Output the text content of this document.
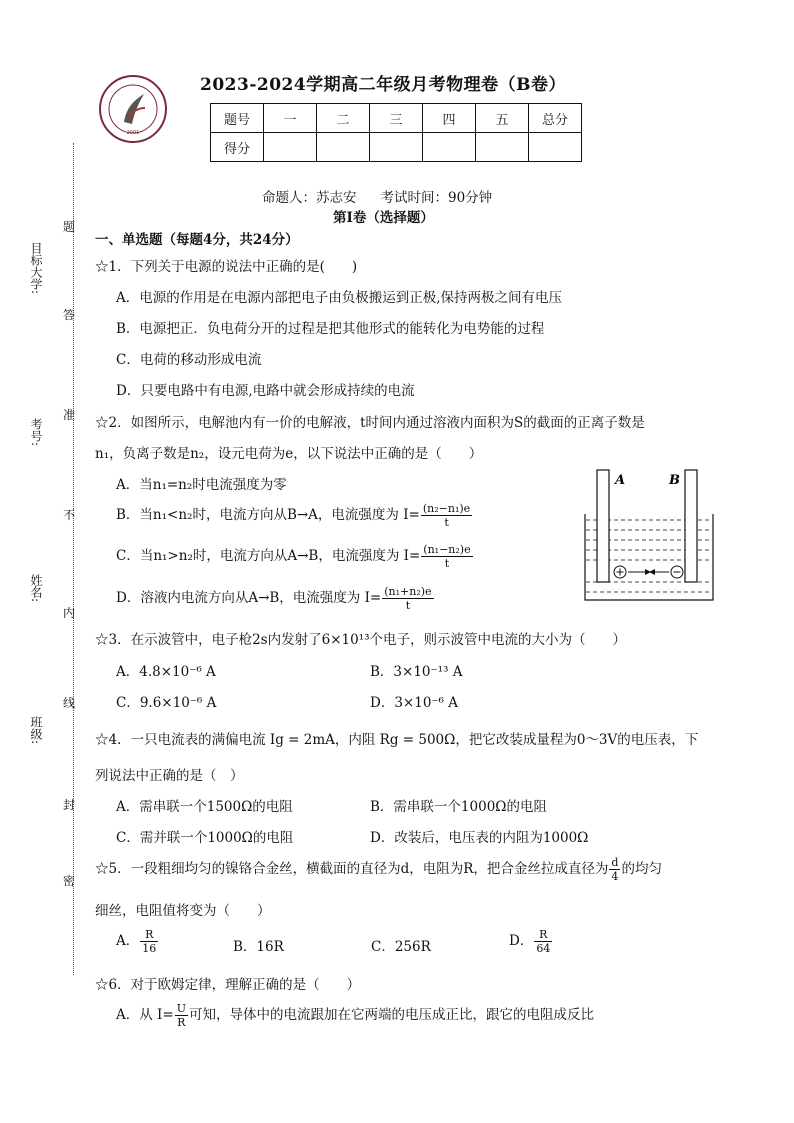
2001
2023-2024学期高二年级月考物理卷（B卷）
题号	一	二	三	四	五	总分
得分						
命题人：苏志安 考试时间：90分钟
第I卷（选择题）
一、单选题（每题4分，共24分）
目标大学:
考号:
姓名:
班级:
题
答
准
不
内
线
封
密
☆1．下列关于电源的说法中正确的是(　　)
A．电源的作用是在电源内部把电子由负极搬运到正极,保持两极之间有电压
B．电源把正．负电荷分开的过程是把其他形式的能转化为电势能的过程
C．电荷的移动形成电流
D．只要电路中有电源,电路中就会形成持续的电流
☆2．如图所示，电解池内有一价的电解液，t时间内通过溶液内面积为S的截面的正离子数是
n₁，负离子数是n₂，设元电荷为e，以下说法中正确的是（　　）
A．当n₁=n₂时电流强度为零
B．当n₁<n₂时，电流方向从B→A，电流强度为 $I= \frac{\text{(n₂−n₁)e}}{t}$
C．当n₁>n₂时，电流方向从A→B，电流强度为 $I= \frac{\text{(n₁−n₂)e}}{t}$
D．溶液内电流方向从A→B，电流强度为 $I= \frac{\text{(n₁+n₂)e}}{t}$
A	B
☆3．在示波管中，电子枪2s内发射了6×10¹³个电子，则示波管中电流的大小为（　　）
A．4.8×10⁻⁶ A	B．3×10⁻¹³ A
C．9.6×10⁻⁶ A	D．3×10⁻⁶ A
☆4．一只电流表的满偏电流 Ig = 2mA，内阻 Rg = 500Ω，把它改装成量程为0～3V的电压表，下
列说法中正确的是（　）
A．需串联一个1500Ω的电阻	B．需串联一个1000Ω的电阻
C．需并联一个1000Ω的电阻	D．改装后，电压表的内阻为1000Ω
☆5．一段粗细均匀的镍铬合金丝，横截面的直径为d，电阻为R，把合金丝拉成直径为 $\frac{d}{4}$ 的均匀
细丝，电阻值将变为（　　）
A． $\frac{R}{16}$	B．16R	C．256R	D． $\frac{R}{64}$
☆6．对于欧姆定律，理解正确的是（　　）
A．从 $I= \frac{U}{R}$ 可知，导体中的电流跟加在它两端的电压成正比，跟它的电阻成反比
